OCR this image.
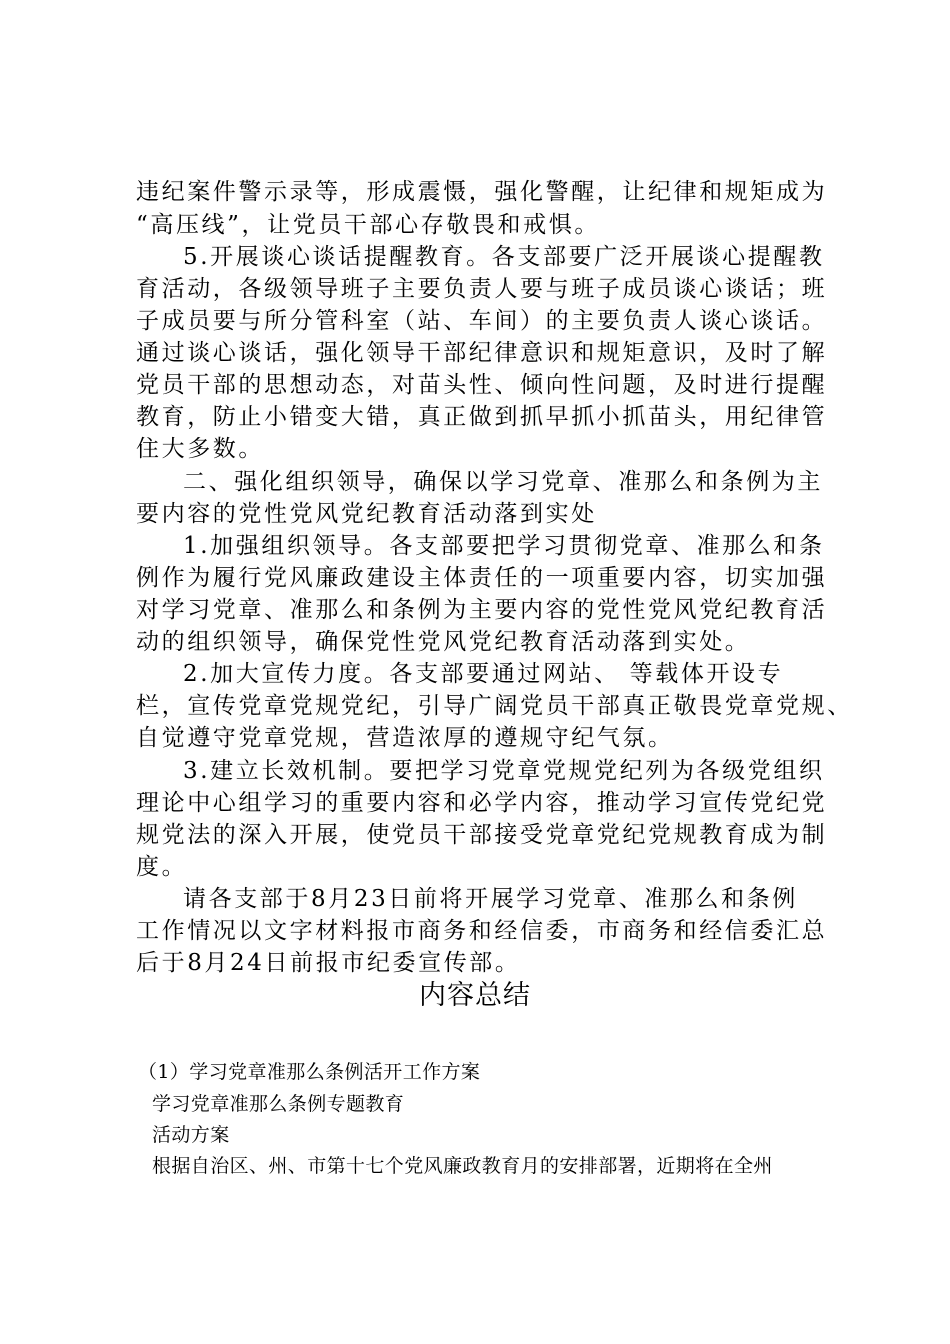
违纪案件警示录等，形成震慑，强化警醒，让纪律和规矩成为
“高压线”，让党员干部心存敬畏和戒惧。
5.开展谈心谈话提醒教育。各支部要广泛开展谈心提醒教
育活动，各级领导班子主要负责人要与班子成员谈心谈话；班
子成员要与所分管科室（站、车间）的主要负责人谈心谈话。
通过谈心谈话，强化领导干部纪律意识和规矩意识，及时了解
党员干部的思想动态，对苗头性、倾向性问题，及时进行提醒
教育，防止小错变大错，真正做到抓早抓小抓苗头，用纪律管
住大多数。
二、强化组织领导，确保以学习党章、准那么和条例为主
要内容的党性党风党纪教育活动落到实处
1.加强组织领导。各支部要把学习贯彻党章、准那么和条
例作为履行党风廉政建设主体责任的一项重要内容，切实加强
对学习党章、准那么和条例为主要内容的党性党风党纪教育活
动的组织领导，确保党性党风党纪教育活动落到实处。
2.加大宣传力度。各支部要通过网站、 等载体开设专
栏，宣传党章党规党纪，引导广阔党员干部真正敬畏党章党规、
自觉遵守党章党规，营造浓厚的遵规守纪气氛。
3.建立长效机制。要把学习党章党规党纪列为各级党组织
理论中心组学习的重要内容和必学内容，推动学习宣传党纪党
规党法的深入开展，使党员干部接受党章党纪党规教育成为制
度。
请各支部于8月23日前将开展学习党章、准那么和条例
工作情况以文字材料报市商务和经信委，市商务和经信委汇总
后于8月24日前报市纪委宣传部。
内容总结
（1）学习党章准那么条例活开工作方案
学习党章准那么条例专题教育
活动方案
根据自治区、州、市第十七个党风廉政教育月的安排部署，近期将在全州
